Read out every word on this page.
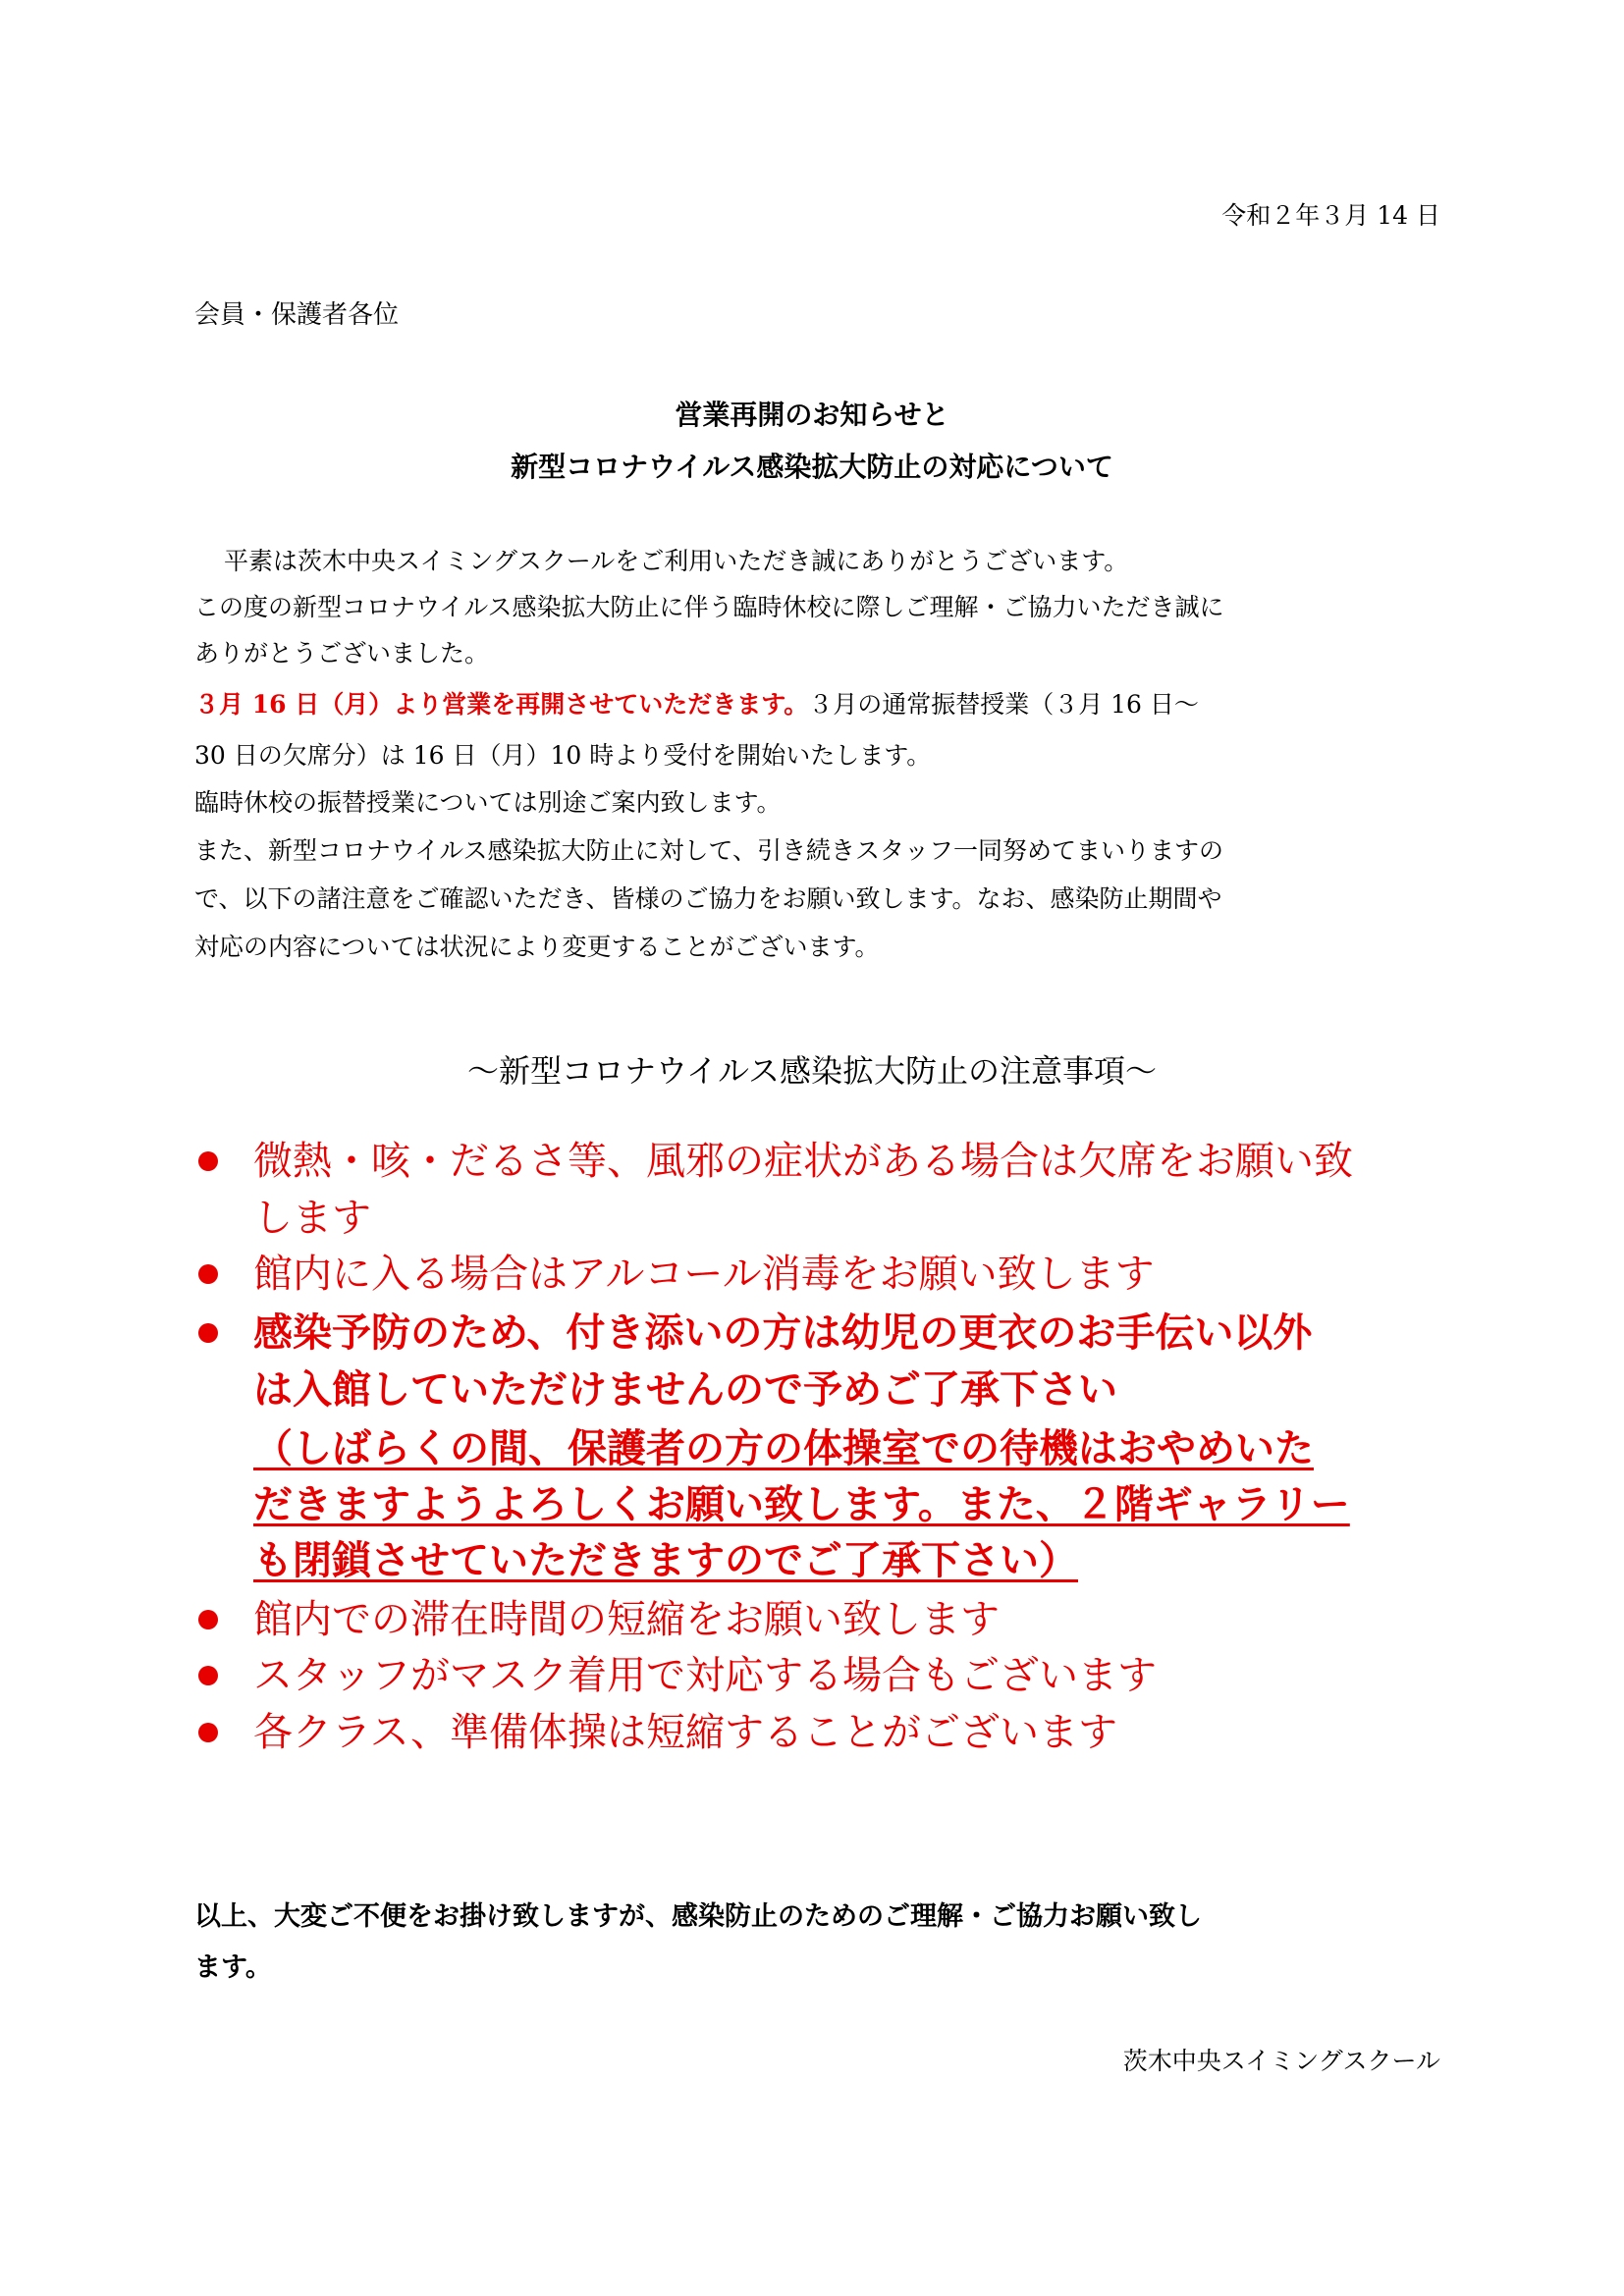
令和２年３月 14 日
会員・保護者各位
営業再開のお知らせと
新型コロナウイルス感染拡大防止の対応について
平素は茨木中央スイミングスクールをご利用いただき誠にありがとうございます。
この度の新型コロナウイルス感染拡大防止に伴う臨時休校に際しご理解・ご協力いただき誠に
ありがとうございました。
３月 16 日（月）より営業を再開させていただきます。３月の通常振替授業（３月 16 日～
30 日の欠席分）は 16 日（月）10 時より受付を開始いたします。
臨時休校の振替授業については別途ご案内致します。
また、新型コロナウイルス感染拡大防止に対して、引き続きスタッフ一同努めてまいりますの
で、以下の諸注意をご確認いただき、皆様のご協力をお願い致します。なお、感染防止期間や
対応の内容については状況により変更することがございます。
～新型コロナウイルス感染拡大防止の注意事項～
微熱・咳・だるさ等、風邪の症状がある場合は欠席をお願い致
します
館内に入る場合はアルコール消毒をお願い致します
感染予防のため、付き添いの方は幼児の更衣のお手伝い以外
は入館していただけませんので予めご了承下さい
（しばらくの間、保護者の方の体操室での待機はおやめいた
だきますようよろしくお願い致します。また、２階ギャラリー
も閉鎖させていただきますのでご了承下さい）
館内での滞在時間の短縮をお願い致します
スタッフがマスク着用で対応する場合もございます
各クラス、準備体操は短縮することがございます
以上、大変ご不便をお掛け致しますが、感染防止のためのご理解・ご協力お願い致し
ます。
茨木中央スイミングスクール
